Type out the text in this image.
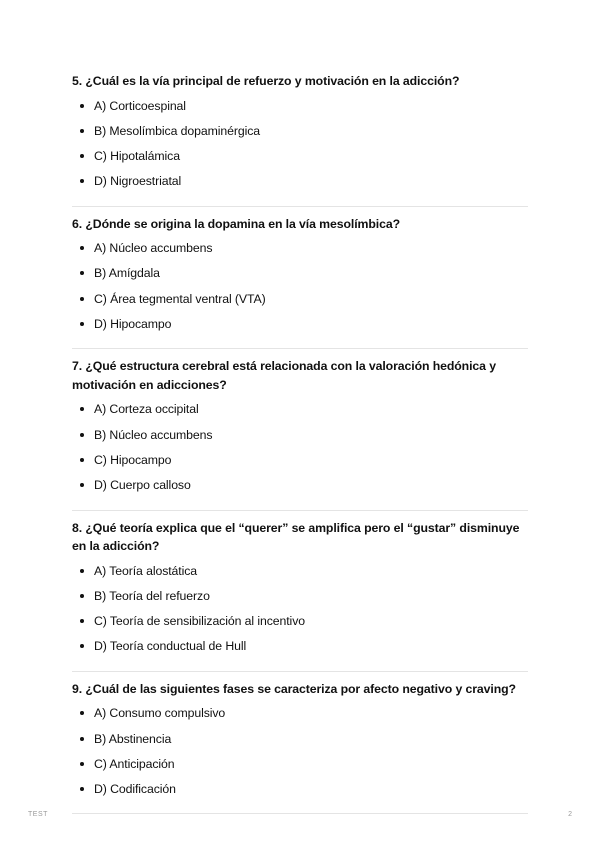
5. ¿Cuál es la vía principal de refuerzo y motivación en la adicción?

A) Corticoespinal
B) Mesolímbica dopaminérgica
C) Hipotalámica
D) Nigroestriatal

6. ¿Dónde se origina la dopamina en la vía mesolímbica?

A) Núcleo accumbens
B) Amígdala
C) Área tegmental ventral (VTA)
D) Hipocampo

7. ¿Qué estructura cerebral está relacionada con la valoración hedónica y motivación en adicciones?

A) Corteza occipital
B) Núcleo accumbens
C) Hipocampo
D) Cuerpo calloso

8. ¿Qué teoría explica que el “querer” se amplifica pero el “gustar” disminuye en la adicción?

A) Teoría alostática
B) Teoría del refuerzo
C) Teoría de sensibilización al incentivo
D) Teoría conductual de Hull

9. ¿Cuál de las siguientes fases se caracteriza por afecto negativo y craving?

A) Consumo compulsivo
B) Abstinencia
C) Anticipación
D) Codificación
TEST	2
